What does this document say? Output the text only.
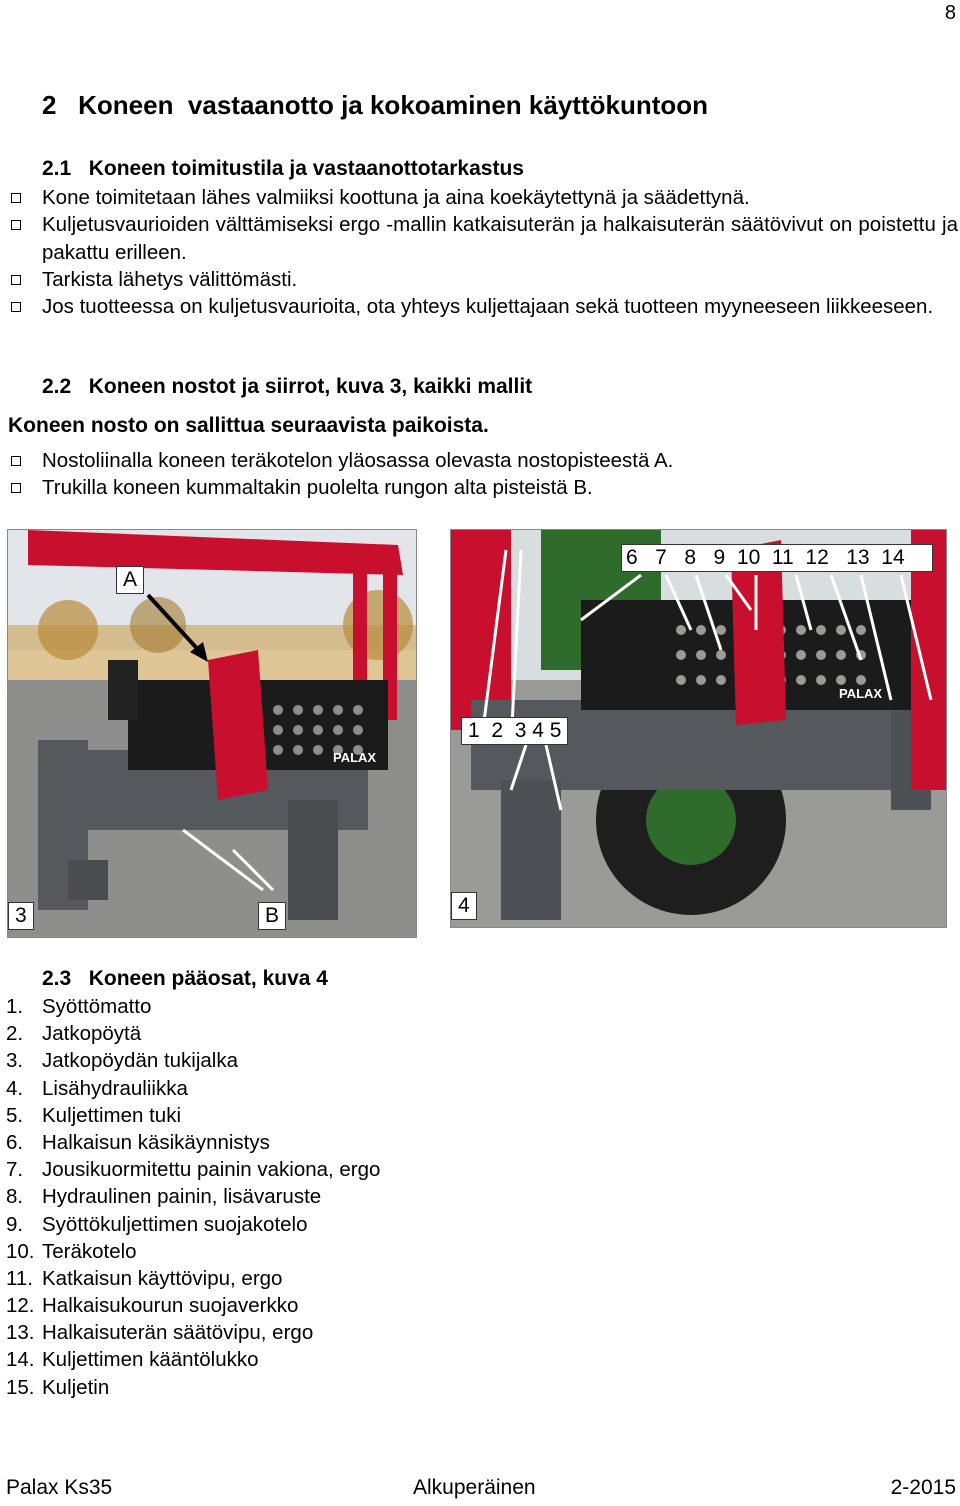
8
2   Koneen  vastaanotto ja kokoaminen käyttökuntoon
2.1   Koneen toimitustila ja vastaanottotarkastus
Kone toimitetaan lähes valmiiksi koottuna ja aina koekäytettynä ja säädettynä.
Kuljetusvaurioiden välttämiseksi ergo -mallin katkaisuterän ja halkaisuterän säätövivut on poistettu ja pakattu erilleen.
Tarkista lähetys välittömästi.
Jos tuotteessa on kuljetusvaurioita, ota yhteys kuljettajaan sekä tuotteen myyneeseen liikkeeseen.
2.2   Koneen nostot ja siirrot, kuva 3, kaikki mallit
Koneen nosto on sallittua seuraavista paikoista.
Nostoliinalla koneen teräkotelon yläosassa olevasta nostopisteestä A.
Trukilla koneen kummaltakin puolelta rungon alta pisteistä B.
PALAX
A
B
3
PALAX
6   7   8   9  10  11  12   13  14
1  2  3 4 5
4
2.3   Koneen pääosat, kuva 4
1. Syöttömatto
2. Jatkopöytä
3. Jatkopöydän tukijalka
4. Lisähydrauliikka
5. Kuljettimen tuki
6. Halkaisun käsikäynnistys
7. Jousikuormitettu painin vakiona, ergo
8. Hydraulinen painin, lisävaruste
9. Syöttökuljettimen suojakotelo
10. Teräkotelo
11. Katkaisun käyttövipu, ergo
12. Halkaisukourun suojaverkko
13. Halkaisuterän säätövipu, ergo
14. Kuljettimen kääntölukko
15. Kuljetin
Palax Ks35	Alkuperäinen	2-2015
